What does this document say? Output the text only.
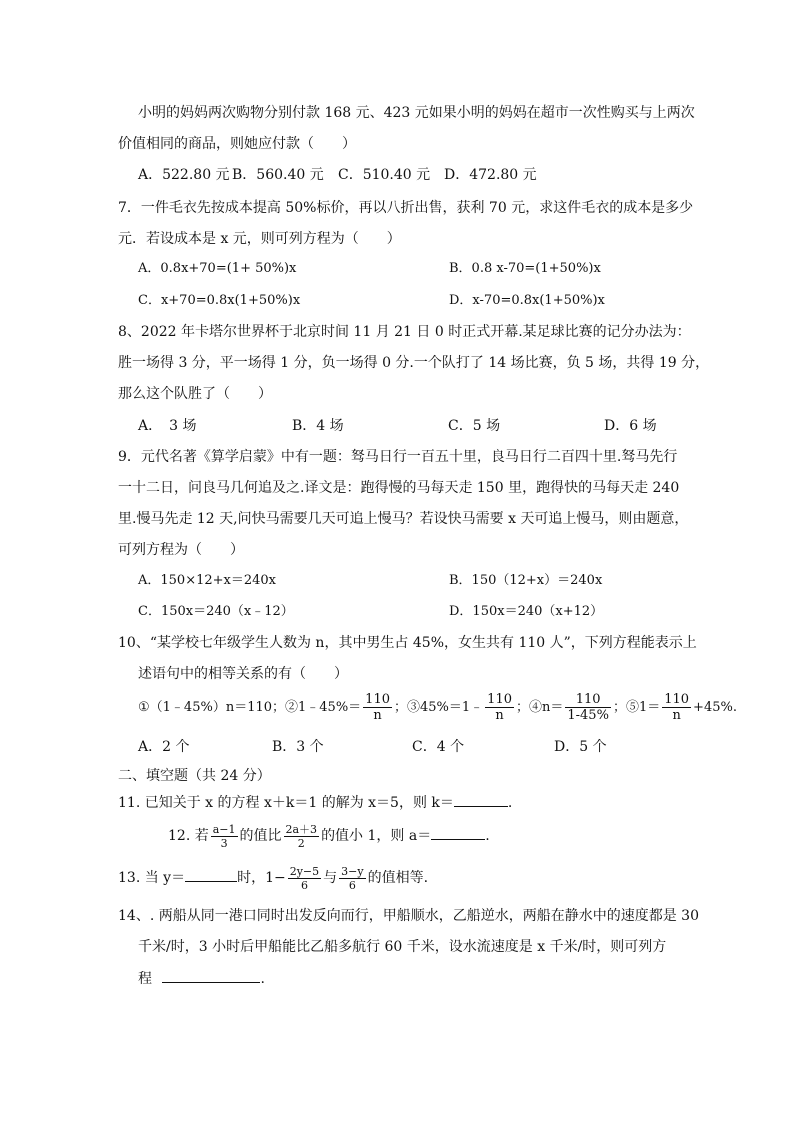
小明的妈妈两次购物分别付款 168 元、423 元如果小明的妈妈在超市一次性购买与上两次
价值相同的商品，则她应付款（　　）
A．522.80 元 B．560.40 元 C．510.40 元 D．472.80 元
7．一件毛衣先按成本提高 50%标价，再以八折出售，获利 70 元，求这件毛衣的成本是多少
元．若设成本是 x 元，则可列方程为（　　）
A．0.8x+70=(1+ 50%)x	B．0.8 x-70=(1+50%)x
C．x+70=0.8x(1+50%)x	D．x-70=0.8x(1+50%)x
8、2022 年卡塔尔世界杯于北京时间 11 月 21 日 0 时正式开幕.某足球比赛的记分办法为：
胜一场得 3 分，平一场得 1 分，负一场得 0 分.一个队打了 14 场比赛，负 5 场，共得 19 分，
那么这个队胜了（　　）
A．　3 场	B．4 场	C．5 场	D．6 场
9．元代名著《算学启蒙》中有一题：驽马日行一百五十里，良马日行二百四十里.驽马先行
一十二日，问良马几何追及之.译文是：跑得慢的马每天走 150 里，跑得快的马每天走 240
里.慢马先走 12 天,问快马需要几天可追上慢马？若设快马需要 x 天可追上慢马，则由题意，
可列方程为（　　）
A．150×12+x＝240x	B．150（12+x）＝240x
C．150x＝240（x﹣12）	D．150x＝240（x+12）
10、“某学校七年级学生人数为 n，其中男生占 45%，女生共有 110 人”，下列方程能表示上
述语句中的相等关系的有（　　）
①（1﹣45%）n＝110；②1﹣45%＝ $\frac{110}{n}$ ；③45%＝1﹣ $\frac{110}{n}$ ；④n＝ $\frac{110}{1-45\%}$ ；⑤1＝ $\frac{110}{n} +45\%$.
A．2 个	B．3 个	C．4 个	D．5 个
二、填空题（共 24 分）
11. 已知关于 x 的方程 x＋k＝1 的解为 x＝5，则 k＝	.
12. 若 $\frac{a-1}{3}$ 的值比 $\frac{2a+3}{2}$ 的值小 1，则 a＝	.
13. 当 y＝	时，$1- \frac{2y-5}{6}$ 与 $\frac{3-y}{6}$ 的值相等.
14、. 两船从同一港口同时出发反向而行，甲船顺水，乙船逆水，两船在静水中的速度都是 30
千米/时，3 小时后甲船能比乙船多航行 60 千米，设水流速度是 x 千米/时，则可列方
程	.
